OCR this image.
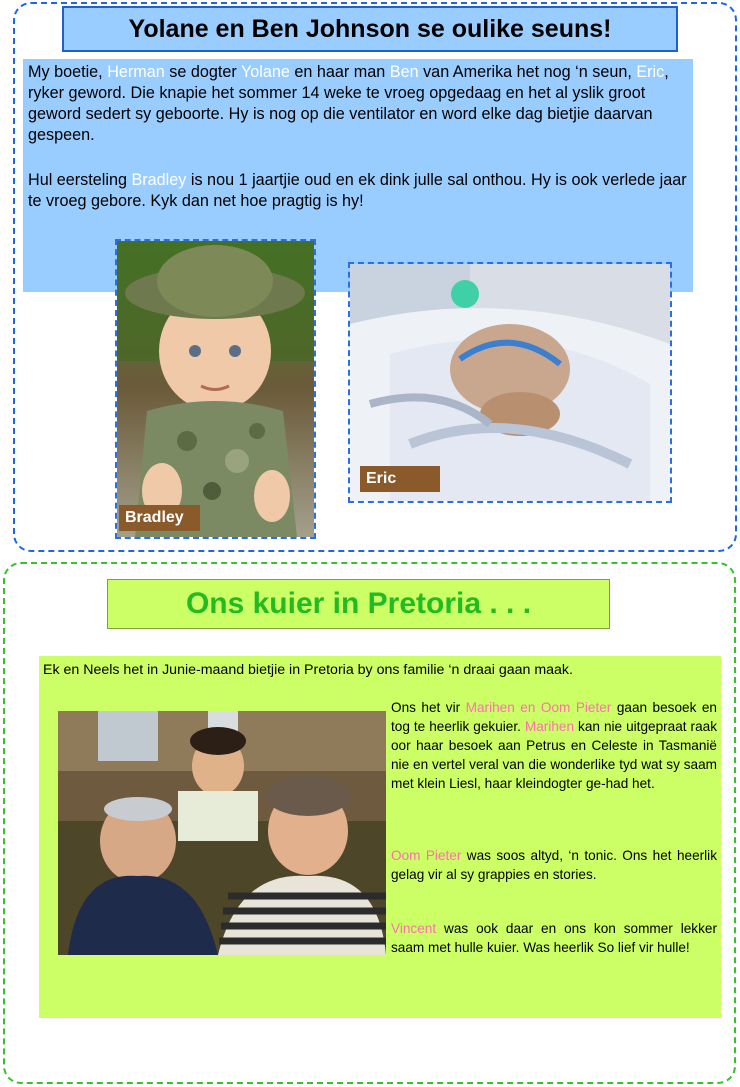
Yolane en Ben Johnson se oulike seuns!

My boetie, Herman se dogter Yolane en haar man Ben van Amerika het nog ‘n seun, Eric, ryker geword. Die knapie het sommer 14 weke te vroeg opgedaag en het al yslik groot geword sedert sy geboorte. Hy is nog op die ventilator en word elke dag bietjie daarvan gespeen.

Hul eersteling Bradley is nou 1 jaartjie oud en ek dink julle sal onthou. Hy is ook verlede jaar te vroeg gebore. Kyk dan net hoe pragtig is hy!

Bradley
Eric
Ons kuier in Pretoria . . .

Ek en Neels het in Junie-maand bietjie in Pretoria by ons familie ‘n draai gaan maak.

Ons het vir Marihen en Oom Pieter gaan besoek en tog te heerlik gekuier. Marihen kan nie uitgepraat raak oor haar besoek aan Petrus en Celeste in Tasmanië nie en vertel veral van die wonderlike tyd wat sy saam met klein Liesl, haar kleindogter ge-had het.

Oom Pieter was soos altyd, ‘n tonic. Ons het heerlik gelag vir al sy grappies en stories.

Vincent was ook daar en ons kon sommer lekker saam met hulle kuier. Was heerlik So lief vir hulle!
